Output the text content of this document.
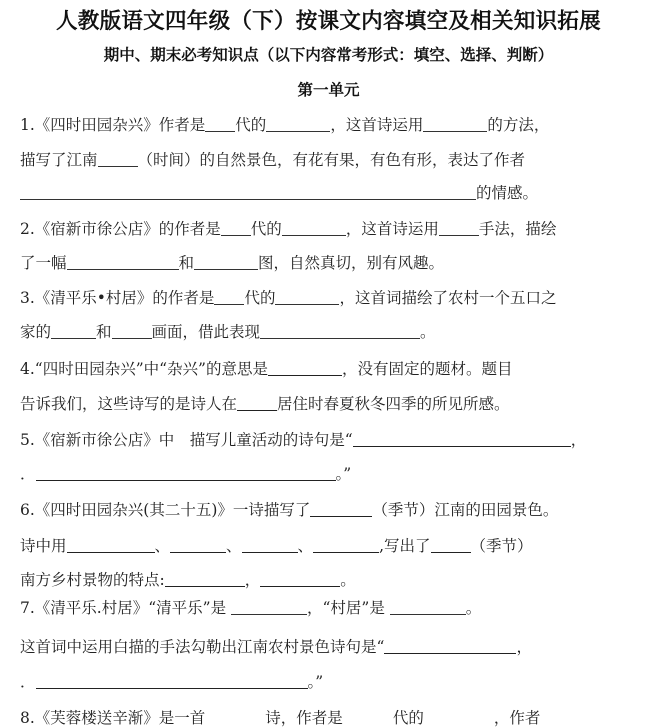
人教版语文四年级（下）按课文内容填空及相关知识拓展
期中、期末必考知识点（以下内容常考形式：填空、选择、判断）
第一单元
1.《四时田园杂兴》作者是 代的	，这首诗运用	的方法，
描写了江南	（时间）的自然景色，有花有果，有色有形，表达了作者
的情感。
2.《宿新市徐公店》的作者是 代的	，这首诗运用	手法，描绘
了一幅	和	图，自然真切，别有风趣。
3.《清平乐•村居》的作者是 代的	，这首词描绘了农村一个五口之
家的	和	画面，借此表现	。
4.“四时田园杂兴”中“杂兴”的意思是	，没有固定的题材。题目
告诉我们，这些诗写的是诗人在	居住时春夏秋冬四季的所见所感。
5.《宿新市徐公店》中　描写儿童活动的诗句是“	，
．	。”
6.《四时田园杂兴(其二十五)》一诗描写了	（季节）江南的田园景色。
诗中用	、	、	、	,写出了	（季节）
南方乡村景物的特点:	，	。
7.《清平乐.村居》“清平乐”是	，“村居”是	。
这首词中运用白描的手法勾勒出江南农村景色诗句是“	，
．	。”
8.《芙蓉楼送辛渐》是一首	诗，作者是	代的	，作者
